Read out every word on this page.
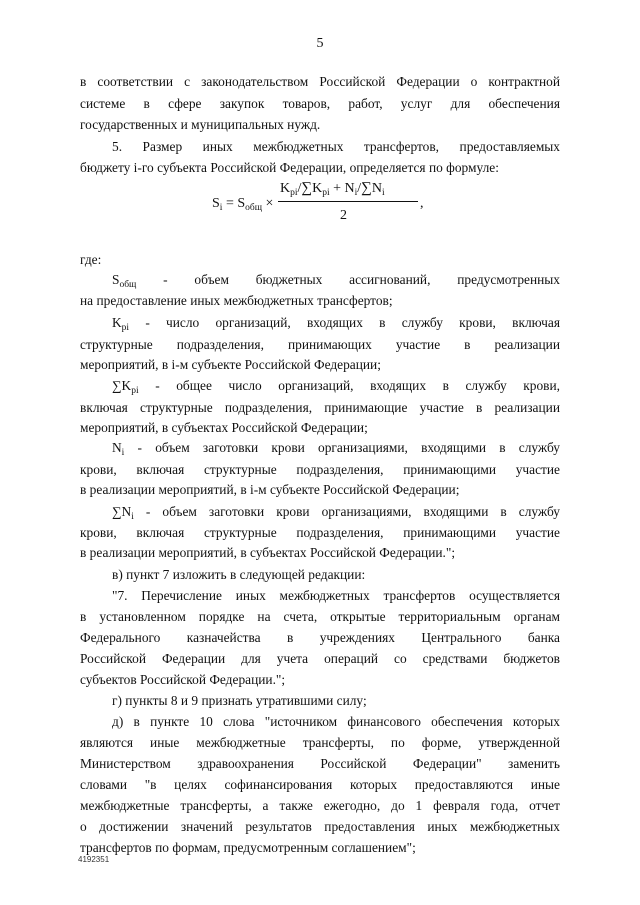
5
в соответствии с законодательством Российской Федерации о контрактной
системе в сфере закупок товаров, работ, услуг для обеспечения
государственных и муниципальных нужд.
5. Размер иных межбюджетных трансфертов, предоставляемых
бюджету i-го субъекта Российской Федерации, определяется по формуле:
$S_i = S_{общ}$ ×
$K_{pi}/\sum K_{pi} + N_i/\sum N_i$
2
,
где:
$S_{общ}$ - объем бюджетных ассигнований, предусмотренных
на предоставление иных межбюджетных трансфертов;
$K_{pi}$ - число организаций, входящих в службу крови, включая
структурные подразделения, принимающих участие в реализации
мероприятий, в i-м субъекте Российской Федерации;
$\sum K_{pi}$ - общее число организаций, входящих в службу крови,
включая структурные подразделения, принимающие участие в реализации
мероприятий, в субъектах Российской Федерации;
$N_i$ - объем заготовки крови организациями, входящими в службу
крови, включая структурные подразделения, принимающими участие
в реализации мероприятий, в i-м субъекте Российской Федерации;
$\sum N_i$ - объем заготовки крови организациями, входящими в службу
крови, включая структурные подразделения, принимающими участие
в реализации мероприятий, в субъектах Российской Федерации.";
в) пункт 7 изложить в следующей редакции:
"7. Перечисление иных межбюджетных трансфертов осуществляется
в установленном порядке на счета, открытые территориальным органам
Федерального казначейства в учреждениях Центрального банка
Российской Федерации для учета операций со средствами бюджетов
субъектов Российской Федерации.";
г) пункты 8 и 9 признать утратившими силу;
д) в пункте 10 слова "источником финансового обеспечения которых
являются иные межбюджетные трансферты, по форме, утвержденной
Министерством здравоохранения Российской Федерации" заменить
словами "в целях софинансирования которых предоставляются иные
межбюджетные трансферты, а также ежегодно, до 1 февраля года, отчет
о достижении значений результатов предоставления иных межбюджетных
трансфертов по формам, предусмотренным соглашением";
4192351
